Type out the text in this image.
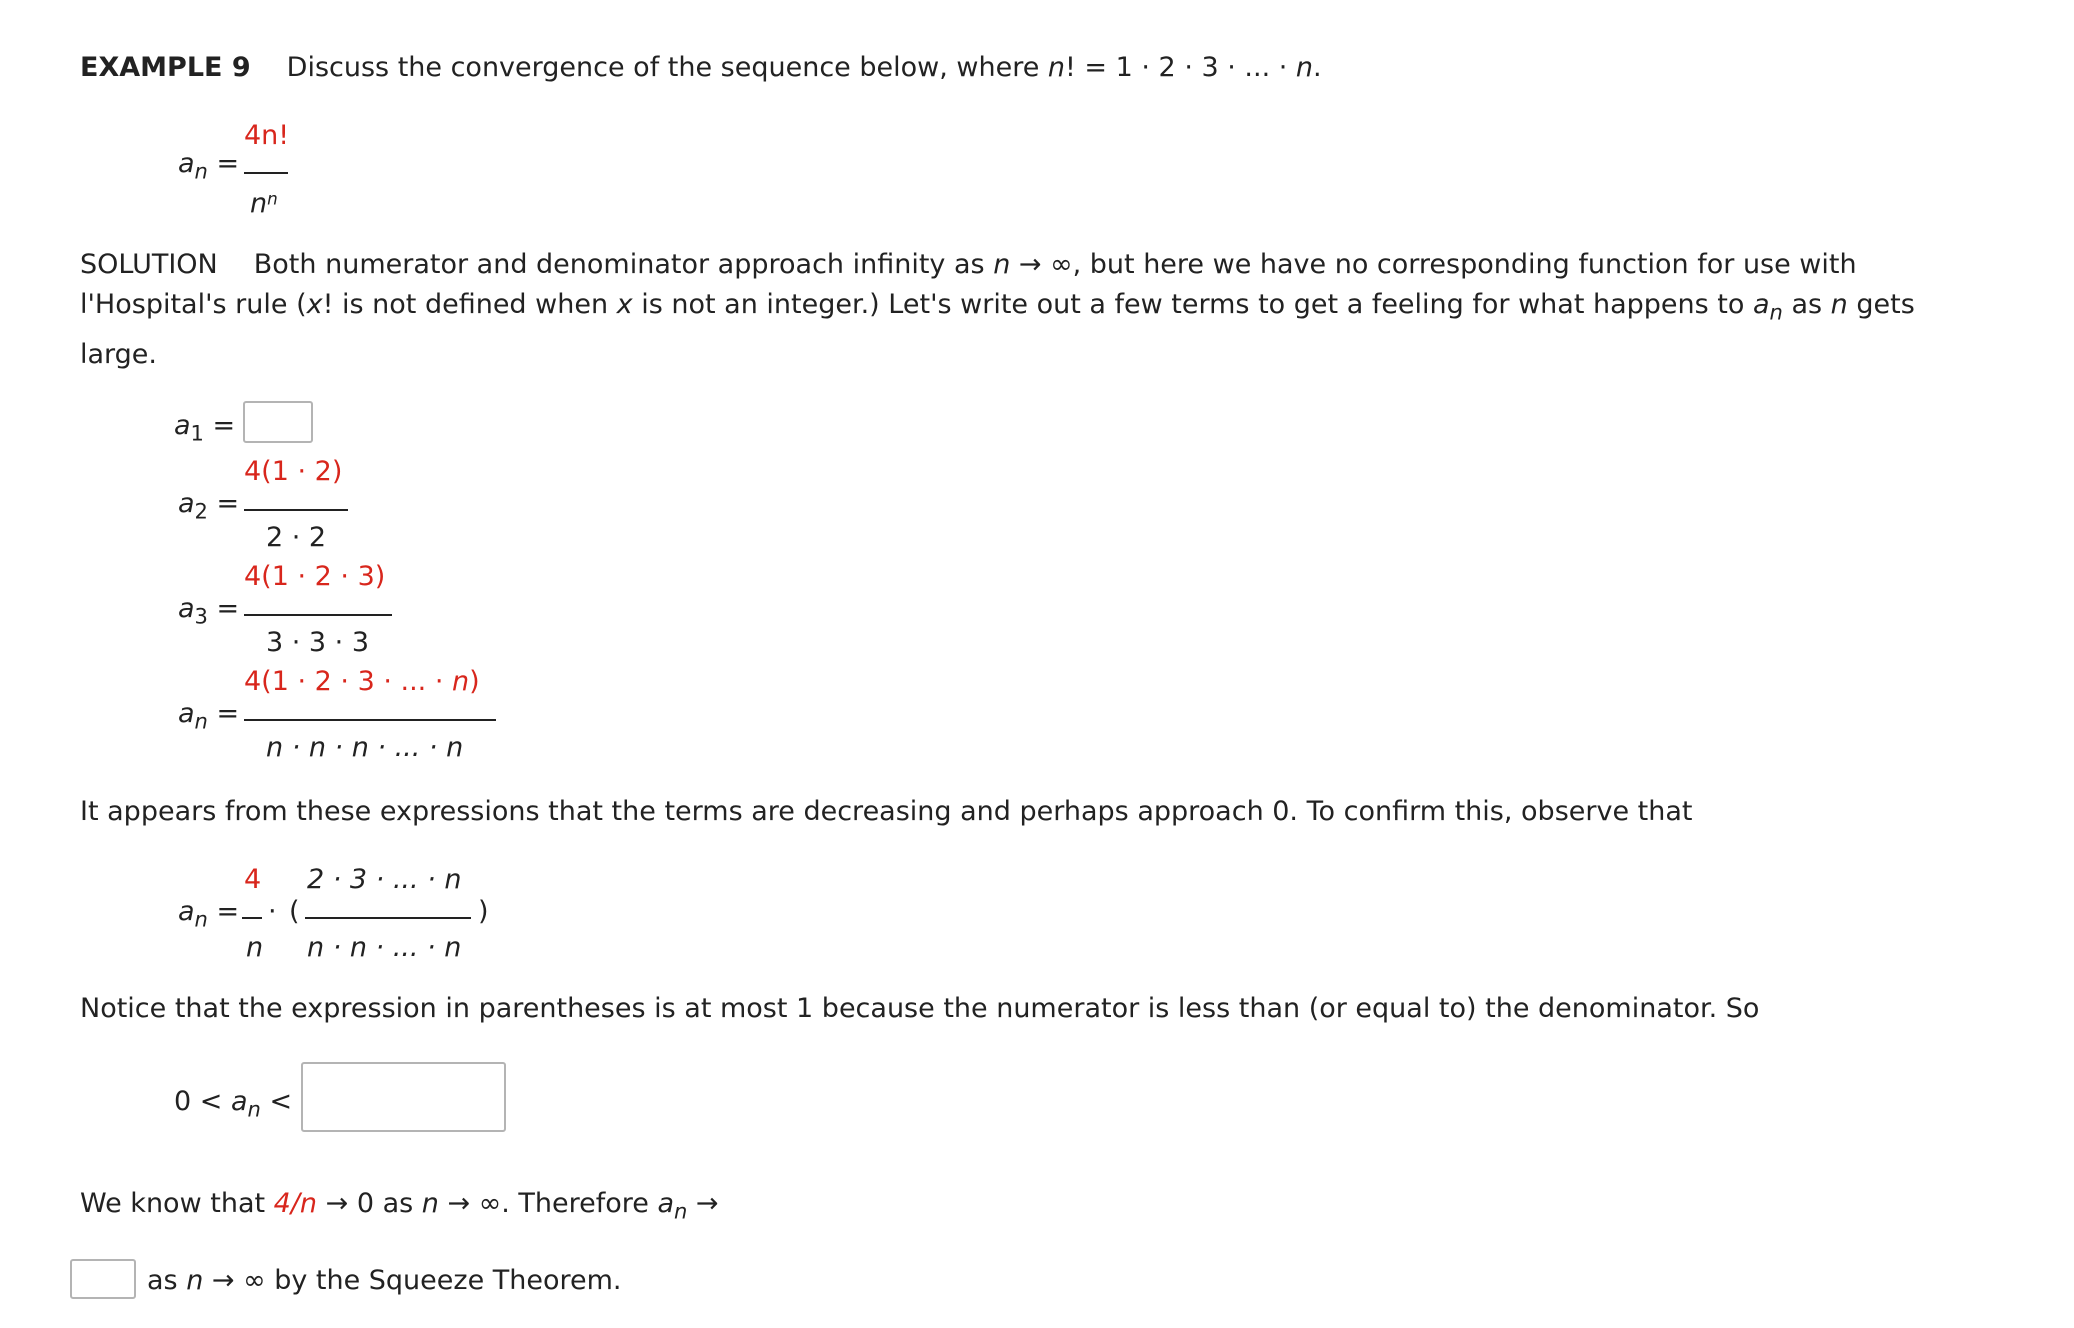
EXAMPLE 9 Discuss the convergence of the sequence below, where n! = 1 · 2 · 3 · ... · n.
$a_n$ =
4n!
$n^n$
SOLUTION Both numerator and denominator approach infinity as n → ∞, but here we have no corresponding function for use with
l'Hospital's rule (x! is not defined when x is not an integer.) Let's write out a few terms to get a feeling for what happens to $a_n$ as n gets
large.
$a_1$ =
$a_2$ =
4(1 · 2)
2 · 2
$a_3$ =
4(1 · 2 · 3)
3 · 3 · 3
$a_n$ =
4(1 · 2 · 3 · ... · n)
n · n · n · ... · n
It appears from these expressions that the terms are decreasing and perhaps approach 0. To confirm this, observe that
$a_n$ =
4
n
· (
2 · 3 · ... · n
n · n · ... · n
)
Notice that the expression in parentheses is at most 1 because the numerator is less than (or equal to) the denominator. So
$0 < a_n$ <
We know that 4/n → 0 as n → ∞. Therefore $a_n$ →
as n → ∞ by the Squeeze Theorem.
